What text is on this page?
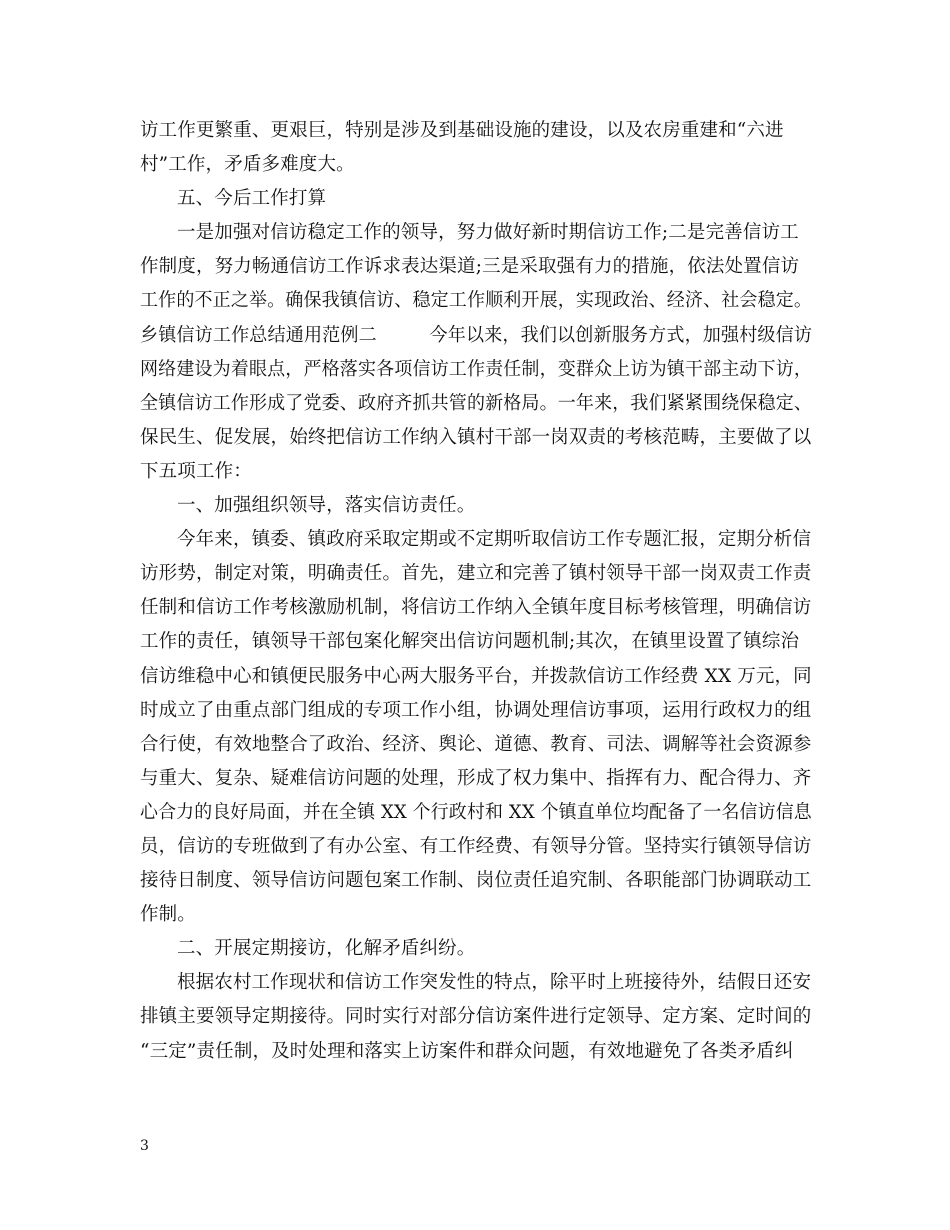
访工作更繁重、更艰巨，特别是涉及到基础设施的建设，以及农房重建和“六进
村”工作，矛盾多难度大。
五、今后工作打算
一是加强对信访稳定工作的领导，努力做好新时期信访工作;二是完善信访工
作制度，努力畅通信访工作诉求表达渠道;三是采取强有力的措施，依法处置信访
工作的不正之举。确保我镇信访、稳定工作顺利开展，实现政治、经济、社会稳定。
乡镇信访工作总结通用范例二	今年以来，我们以创新服务方式，加强村级信访
网络建设为着眼点，严格落实各项信访工作责任制，变群众上访为镇干部主动下访，
全镇信访工作形成了党委、政府齐抓共管的新格局。一年来，我们紧紧围绕保稳定、
保民生、促发展，始终把信访工作纳入镇村干部一岗双责的考核范畴，主要做了以
下五项工作：
一、加强组织领导，落实信访责任。
今年来，镇委、镇政府采取定期或不定期听取信访工作专题汇报，定期分析信
访形势，制定对策，明确责任。首先，建立和完善了镇村领导干部一岗双责工作责
任制和信访工作考核激励机制，将信访工作纳入全镇年度目标考核管理，明确信访
工作的责任，镇领导干部包案化解突出信访问题机制;其次，在镇里设置了镇综治
信访维稳中心和镇便民服务中心两大服务平台，并拨款信访工作经费 XX 万元，同
时成立了由重点部门组成的专项工作小组，协调处理信访事项，运用行政权力的组
合行使，有效地整合了政治、经济、舆论、道德、教育、司法、调解等社会资源参
与重大、复杂、疑难信访问题的处理，形成了权力集中、指挥有力、配合得力、齐
心合力的良好局面，并在全镇 XX 个行政村和 XX 个镇直单位均配备了一名信访信息
员，信访的专班做到了有办公室、有工作经费、有领导分管。坚持实行镇领导信访
接待日制度、领导信访问题包案工作制、岗位责任追究制、各职能部门协调联动工
作制。
二、开展定期接访，化解矛盾纠纷。
根据农村工作现状和信访工作突发性的特点，除平时上班接待外，结假日还安
排镇主要领导定期接待。同时实行对部分信访案件进行定领导、定方案、定时间的
“三定”责任制，及时处理和落实上访案件和群众问题，有效地避免了各类矛盾纠
3
